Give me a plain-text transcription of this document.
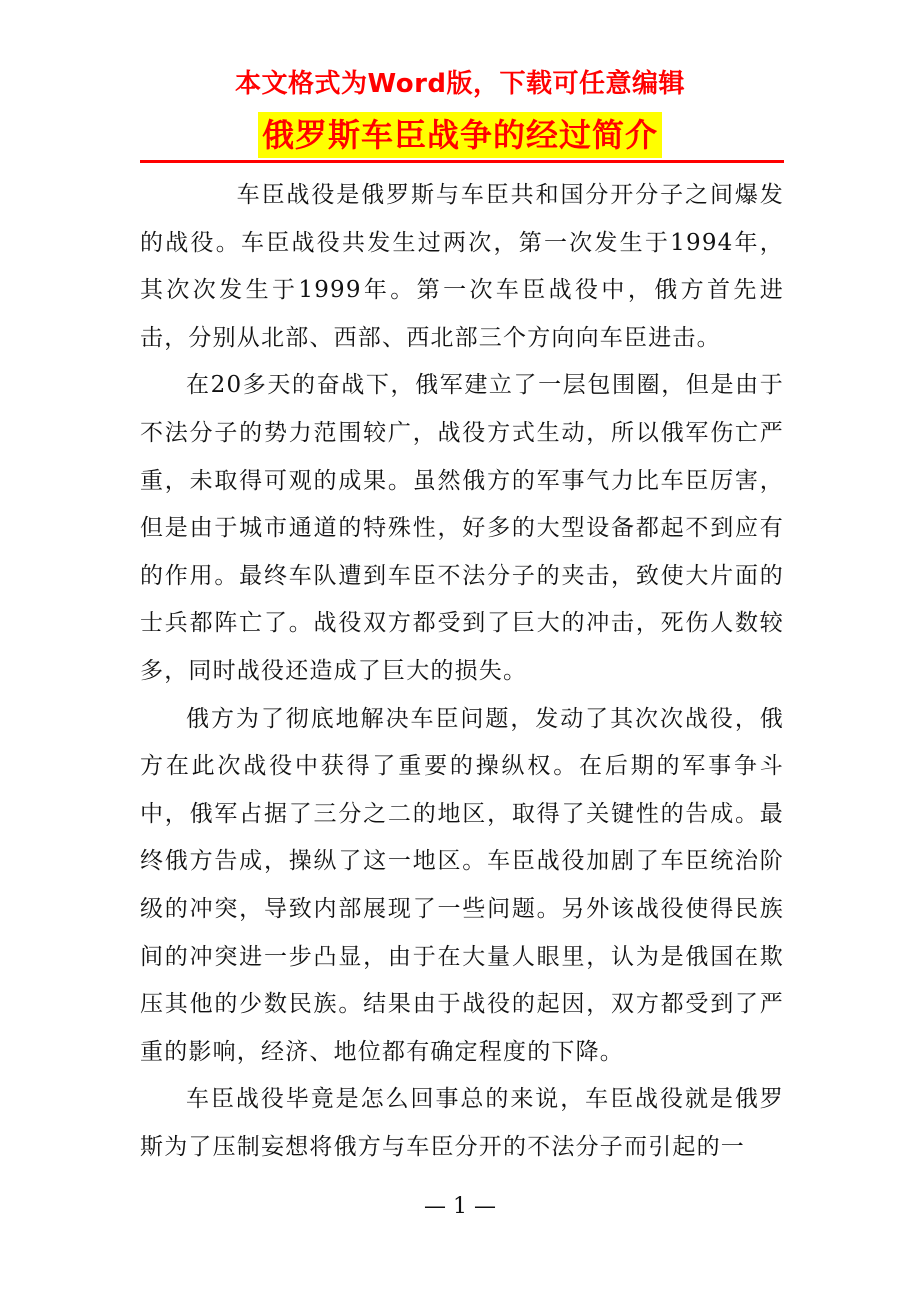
本文格式为Word版，下载可任意编辑
俄罗斯车臣战争的经过简介

车臣战役是俄罗斯与车臣共和国分开分子之间爆发的战役。车臣战役共发生过两次，第一次发生于1994年，其次次发生于1999年。第一次车臣战役中，俄方首先进击，分别从北部、西部、西北部三个方向向车臣进击。

在20多天的奋战下，俄军建立了一层包围圈，但是由于不法分子的势力范围较广，战役方式生动，所以俄军伤亡严重，未取得可观的成果。虽然俄方的军事气力比车臣厉害，但是由于城市通道的特殊性，好多的大型设备都起不到应有的作用。最终车队遭到车臣不法分子的夹击，致使大片面的士兵都阵亡了。战役双方都受到了巨大的冲击，死伤人数较多，同时战役还造成了巨大的损失。

俄方为了彻底地解决车臣问题，发动了其次次战役，俄方在此次战役中获得了重要的操纵权。在后期的军事争斗中，俄军占据了三分之二的地区，取得了关键性的告成。最终俄方告成，操纵了这一地区。车臣战役加剧了车臣统治阶级的冲突，导致内部展现了一些问题。另外该战役使得民族间的冲突进一步凸显，由于在大量人眼里，认为是俄国在欺压其他的少数民族。结果由于战役的起因，双方都受到了严重的影响，经济、地位都有确定程度的下降。

车臣战役毕竟是怎么回事总的来说，车臣战役就是俄罗斯为了压制妄想将俄方与车臣分开的不法分子而引起的一

— 1 —
